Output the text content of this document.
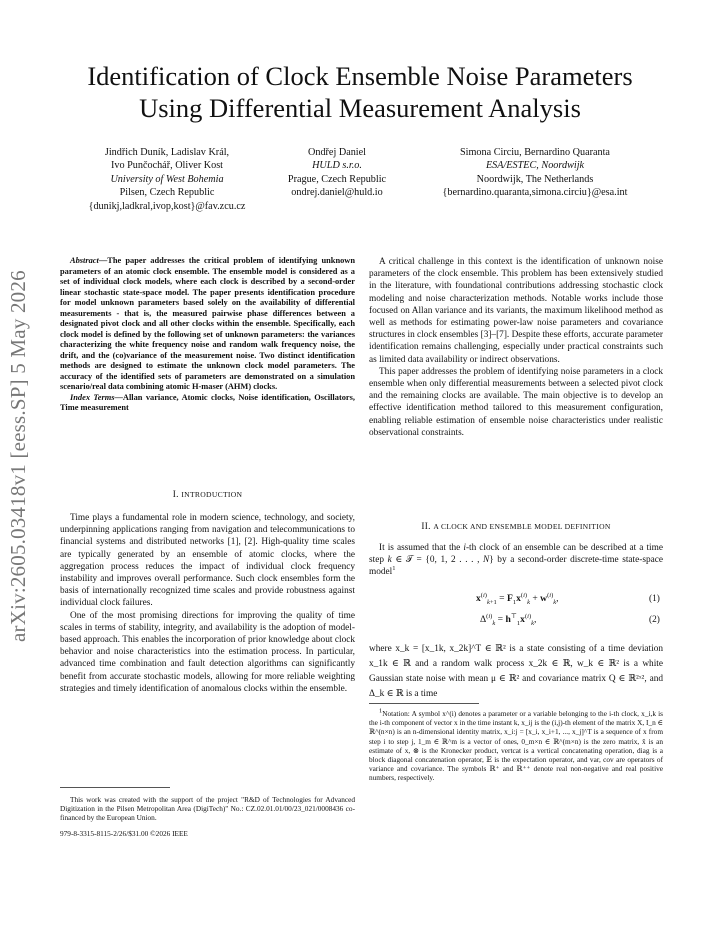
arXiv:2605.03418v1 [eess.SP] 5 May 2026
Identification of Clock Ensemble Noise Parameters
Using Differential Measurement Analysis
Jindřich Duník, Ladislav Král,
Ivo Punčochář, Oliver Kost
University of West Bohemia
Pilsen, Czech Republic
{dunikj,ladkral,ivop,kost}@fav.zcu.cz
Ondřej Daniel
HULD s.r.o.
Prague, Czech Republic
ondrej.daniel@huld.io
Simona Circiu, Bernardino Quaranta
ESA/ESTEC, Noordwijk
Noordwijk, The Netherlands
{bernardino.quaranta,simona.circiu}@esa.int

Abstract—The paper addresses the critical problem of identifying unknown parameters of an atomic clock ensemble. The ensemble model is considered as a set of individual clock models, where each clock is described by a second-order linear stochastic state-space model. The paper presents identification procedure for model unknown parameters based solely on the availability of differential measurements - that is, the measured pairwise phase differences between a designated pivot clock and all other clocks within the ensemble. Specifically, each clock model is defined by the following set of unknown parameters: the variances characterizing the white frequency noise and random walk frequency noise, the drift, and the (co)variance of the measurement noise. Two distinct identification methods are designed to estimate the unknown clock model parameters. The accuracy of the identified sets of parameters are demonstrated on a simulation scenario/real data combining atomic H-maser (AHM) clocks.

Index Terms—Allan variance, Atomic clocks, Noise identification, Oscillators, Time measurement

I. INTRODUCTION

Time plays a fundamental role in modern science, technology, and society, underpinning applications ranging from navigation and telecommunications to financial systems and distributed networks [1], [2]. High-quality time scales are typically generated by an ensemble of atomic clocks, where the aggregation process reduces the impact of individual clock frequency instability and improves overall performance. Such clock ensembles form the basis of internationally recognized time scales and provide robustness against individual clock failures.

One of the most promising directions for improving the quality of time scales in terms of stability, integrity, and availability is the adoption of model-based approach. This enables the incorporation of prior knowledge about clock behavior and noise characteristics into the estimation process. In particular, advanced time combination and fault detection algorithms can significantly benefit from accurate stochastic models, allowing for more reliable weighting strategies and timely identification of anomalous clocks within the ensemble.

This work was created with the support of the project "R&D of Technologies for Advanced Digitization in the Pilsen Metropolitan Area (DigiTech)" No.: CZ.02.01.01/00/23_021/0008436 co-financed by the European Union.

979-8-3315-8115-2/26/$31.00 ©2026 IEEE

A critical challenge in this context is the identification of unknown noise parameters of the clock ensemble. This problem has been extensively studied in the literature, with foundational contributions addressing stochastic clock modeling and noise characterization methods. Notable works include those focused on Allan variance and its variants, the maximum likelihood method as well as methods for estimating power-law noise parameters and covariance structures in clock ensembles [3]–[7]. Despite these efforts, accurate parameter identification remains challenging, especially under practical constraints such as limited data availability or indirect observations.

This paper addresses the problem of identifying noise parameters in a clock ensemble when only differential measurements between a selected pivot clock and the remaining clocks are available. The main objective is to develop an effective identification method tailored to this measurement configuration, enabling reliable estimation of ensemble noise characteristics under realistic observational constraints.

II. A CLOCK AND ENSEMBLE MODEL DEFINITION

It is assumed that the i-th clock of an ensemble can be described at a time step k ∈ 𝒯 = {0, 1, 2 . . . , N} by a second-order discrete-time state-space model$^1$

$x^{(i)}_{k+1} = F_1x^{(i)}_k + w^{(i)}_k$,	(1)
$\Delta^{(i)}_k = h^⊤_1x^{(i)}_k$,	(2)

where x_k = [x_1k, x_2k]^T ∈ ℝ² is a state consisting of a time deviation x_1k ∈ ℝ and a random walk process x_2k ∈ ℝ, w_k ∈ ℝ² is a white Gaussian state noise with mean μ ∈ ℝ² and covariance matrix Q ∈ ℝ²ˣ², and Δ_k ∈ ℝ is a time

$^1$Notation: A symbol x^(i) denotes a parameter or a variable belonging to the i-th clock, x_i,k is the i-th component of vector x in the time instant k, x_ij is the (i,j)-th element of the matrix X, I_n ∈ ℝ^(n×n) is an n-dimensional identity matrix, x_i:j = [x_i, x_i+1, ..., x_j]^T is a sequence of x from step i to step j, 1_m ∈ ℝ^m is a vector of ones, 0_m×n ∈ ℝ^(m×n) is the zero matrix, x̂ is an estimate of x, ⊗ is the Kronecker product, vertcat is a vertical concatenating operation, diag is a block diagonal concatenation operator, 𝔼 is the expectation operator, and var, cov are operators of variance and covariance. The symbols ℝ⁺ and ℝ⁺⁺ denote real non-negative and real positive numbers, respectively.
